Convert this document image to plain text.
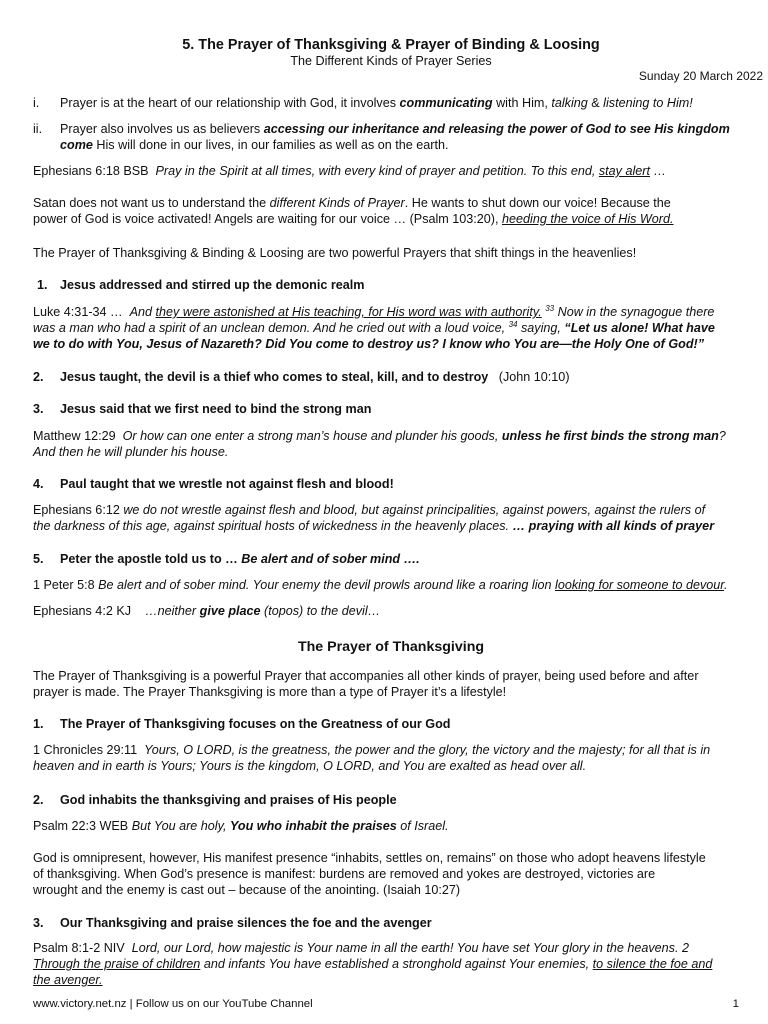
5. The Prayer of Thanksgiving & Prayer of Binding & Loosing
The Different Kinds of Prayer Series
Sunday 20 March 2022
i. Prayer is at the heart of our relationship with God, it involves communicating with Him, talking & listening to Him!
ii. Prayer also involves us as believers accessing our inheritance and releasing the power of God to see His kingdom
come His will done in our lives, in our families as well as on the earth.

Ephesians 6:18 BSB Pray in the Spirit at all times, with every kind of prayer and petition. To this end, stay alert …

Satan does not want us to understand the different Kinds of Prayer. He wants to shut down our voice! Because the
power of God is voice activated! Angels are waiting for our voice … (Psalm 103:20), heeding the voice of His Word.

The Prayer of Thanksgiving & Binding & Loosing are two powerful Prayers that shift things in the heavenlies!

1. Jesus addressed and stirred up the demonic realm

Luke 4:31-34 … And they were astonished at His teaching, for His word was with authority. $^{33}$ Now in the synagogue there
was a man who had a spirit of an unclean demon. And he cried out with a loud voice, $^{34}$ saying, “Let us alone! What have
we to do with You, Jesus of Nazareth? Did You come to destroy us? I know who You are—the Holy One of God!”

2. Jesus taught, the devil is a thief who comes to steal, kill, and to destroy (John 10:10)
3. Jesus said that we first need to bind the strong man

Matthew 12:29 Or how can one enter a strong man’s house and plunder his goods, unless he first binds the strong man?
And then he will plunder his house.

4. Paul taught that we wrestle not against flesh and blood!

Ephesians 6:12 we do not wrestle against flesh and blood, but against principalities, against powers, against the rulers of
the darkness of this age, against spiritual hosts of wickedness in the heavenly places. … praying with all kinds of prayer

5. Peter the apostle told us to … Be alert and of sober mind ….

1 Peter 5:8 Be alert and of sober mind. Your enemy the devil prowls around like a roaring lion looking for someone to devour.

Ephesians 4:2 KJ …neither give place (topos) to the devil…

The Prayer of Thanksgiving

The Prayer of Thanksgiving is a powerful Prayer that accompanies all other kinds of prayer, being used before and after
prayer is made. The Prayer Thanksgiving is more than a type of Prayer it’s a lifestyle!

1. The Prayer of Thanksgiving focuses on the Greatness of our God

1 Chronicles 29:11 Yours, O LORD, is the greatness, the power and the glory, the victory and the majesty; for all that is in
heaven and in earth is Yours; Yours is the kingdom, O LORD, and You are exalted as head over all.

2. God inhabits the thanksgiving and praises of His people

Psalm 22:3 WEB But You are holy, You who inhabit the praises of Israel.

God is omnipresent, however, His manifest presence “inhabits, settles on, remains” on those who adopt heavens lifestyle
of thanksgiving. When God’s presence is manifest: burdens are removed and yokes are destroyed, victories are
wrought and the enemy is cast out – because of the anointing. (Isaiah 10:27)

3. Our Thanksgiving and praise silences the foe and the avenger

Psalm 8:1-2 NIV Lord, our Lord, how majestic is Your name in all the earth! You have set Your glory in the heavens. 2
Through the praise of children and infants You have established a stronghold against Your enemies, to silence the foe and
the avenger.

www.victory.net.nz | Follow us on our YouTube Channel	1
